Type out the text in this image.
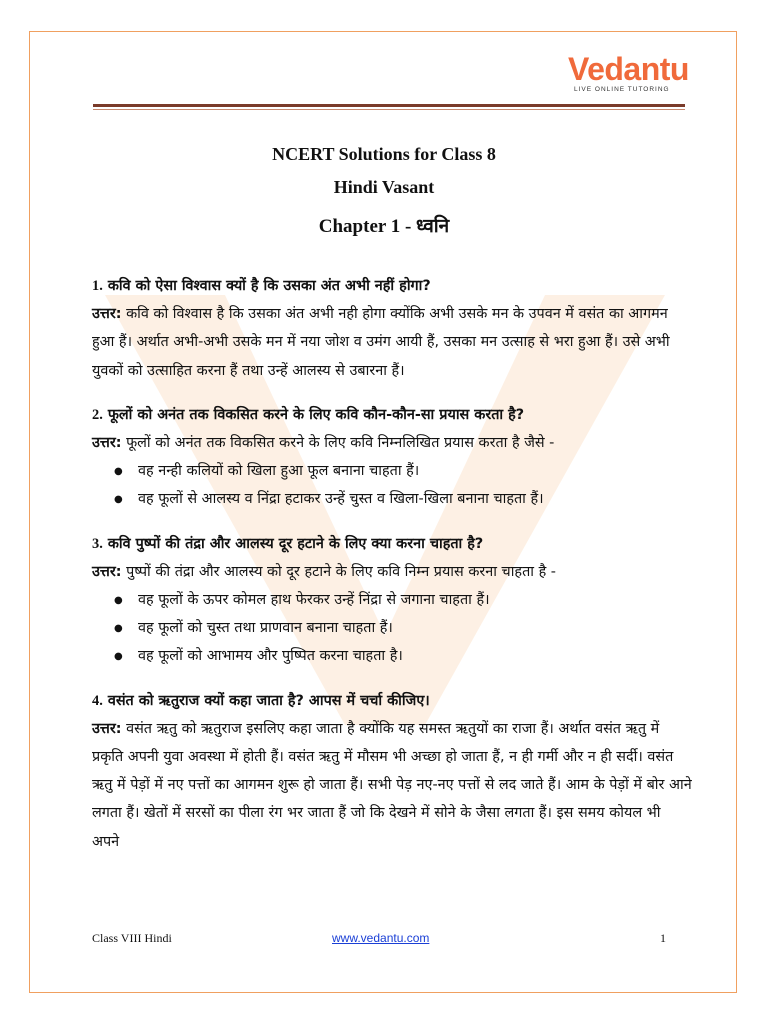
Vedantu
LIVE ONLINE TUTORING
NCERT Solutions for Class 8
Hindi Vasant
Chapter 1 - ध्वनि

1. कवि को ऐसा विश्वास क्यों है कि उसका अंत अभी नहीं होगा?

उत्तर: कवि को विश्वास है कि उसका अंत अभी नही होगा क्योंकि अभी उसके मन के उपवन में वसंत का आगमन हुआ हैं। अर्थात अभी-अभी उसके मन में नया जोश व उमंग आयी हैं, उसका मन उत्साह से भरा हुआ हैं। उसे अभी युवकों को उत्साहित करना हैं तथा उन्हें आलस्य से उबारना हैं।

2. फूलों को अनंत तक विकसित करने के लिए कवि कौन-कौन-सा प्रयास करता है?

उत्तर: फूलों को अनंत तक विकसित करने के लिए कवि निम्नलिखित प्रयास करता है जैसे -

● वह नन्ही कलियों को खिला हुआ फूल बनाना चाहता हैं।
● वह फूलों से आलस्य व निंद्रा हटाकर उन्हें चुस्त व खिला-खिला बनाना चाहता हैं।

3. कवि पुष्पों की तंद्रा और आलस्य दूर हटाने के लिए क्या करना चाहता है?

उत्तर: पुष्पों की तंद्रा और आलस्य को दूर हटाने के लिए कवि निम्न प्रयास करना चाहता है -

● वह फूलों के ऊपर कोमल हाथ फेरकर उन्हें निंद्रा से जगाना चाहता हैं।
● वह फूलों को चुस्त तथा प्राणवान बनाना चाहता हैं।
● वह फूलों को आभामय और पुष्पित करना चाहता है।

4. वसंत को ऋतुराज क्यों कहा जाता है? आपस में चर्चा कीजिए।

उत्तर: वसंत ऋतु को ऋतुराज इसलिए कहा जाता है क्योंकि यह समस्त ऋतुयों का राजा हैं। अर्थात वसंत ऋतु में प्रकृति अपनी युवा अवस्था में होती हैं। वसंत ऋतु में मौसम भी अच्छा हो जाता हैं, न ही गर्मी और न ही सर्दी। वसंत ऋतु में पेड़ों में नए पत्तों का आगमन शुरू हो जाता हैं। सभी पेड़ नए-नए पत्तों से लद जाते हैं। आम के पेड़ों में बोर आने लगता हैं। खेतों में सरसों का पीला रंग भर जाता हैं जो कि देखने में सोने के जैसा लगता हैं। इस समय कोयल भी अपने

Class VIII Hindi	www.vedantu.com	1
